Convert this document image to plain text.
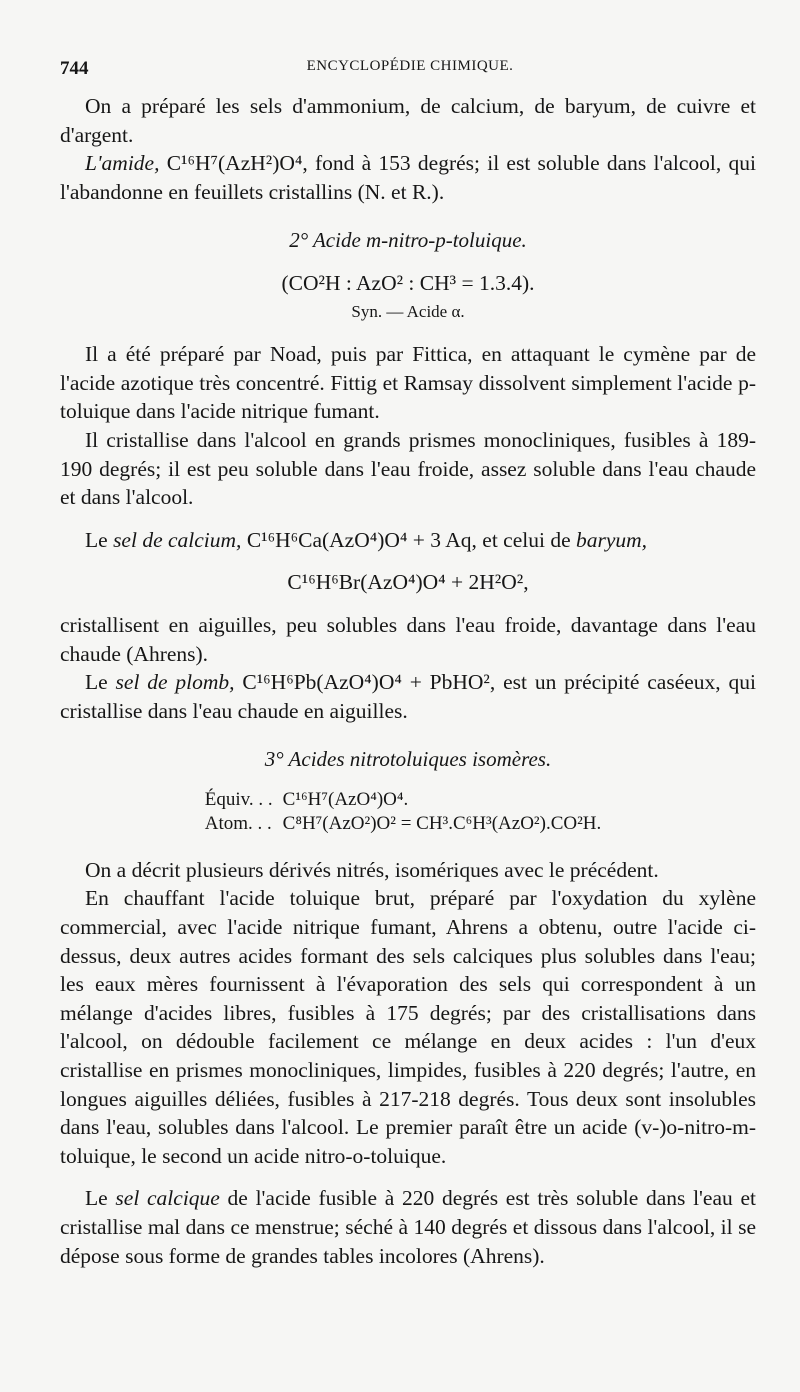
744	ENCYCLOPÉDIE CHIMIQUE.

On a préparé les sels d'ammonium, de calcium, de baryum, de cuivre et d'argent.

L'amide, C¹⁶H⁷(AzH²)O⁴, fond à 153 degrés; il est soluble dans l'alcool, qui l'abandonne en feuillets cristallins (N. et R.).

2° Acide m-nitro-p-toluique.

(CO²H : AzO² : CH³ = 1.3.4).

Syn. — Acide α.

Il a été préparé par Noad, puis par Fittica, en attaquant le cymène par de l'acide azotique très concentré. Fittig et Ramsay dissolvent simplement l'acide p-toluique dans l'acide nitrique fumant.

Il cristallise dans l'alcool en grands prismes monocliniques, fusibles à 189-190 degrés; il est peu soluble dans l'eau froide, assez soluble dans l'eau chaude et dans l'alcool.

Le sel de calcium, C¹⁶H⁶Ca(AzO⁴)O⁴ + 3 Aq, et celui de baryum,

C¹⁶H⁶Br(AzO⁴)O⁴ + 2H²O²,

cristallisent en aiguilles, peu solubles dans l'eau froide, davantage dans l'eau chaude (Ahrens).

Le sel de plomb, C¹⁶H⁶Pb(AzO⁴)O⁴ + PbHO², est un précipité caséeux, qui cristallise dans l'eau chaude en aiguilles.

3° Acides nitrotoluiques isomères.

Équiv. . .	C¹⁶H⁷(AzO⁴)O⁴.
Atom. . .	C⁸H⁷(AzO²)O² = CH³.C⁶H³(AzO²).CO²H.

On a décrit plusieurs dérivés nitrés, isomériques avec le précédent.

En chauffant l'acide toluique brut, préparé par l'oxydation du xylène commercial, avec l'acide nitrique fumant, Ahrens a obtenu, outre l'acide ci-dessus, deux autres acides formant des sels calciques plus solubles dans l'eau; les eaux mères fournissent à l'évaporation des sels qui correspondent à un mélange d'acides libres, fusibles à 175 degrés; par des cristallisations dans l'alcool, on dédouble facilement ce mélange en deux acides : l'un d'eux cristallise en prismes monocliniques, limpides, fusibles à 220 degrés; l'autre, en longues aiguilles déliées, fusibles à 217-218 degrés. Tous deux sont insolubles dans l'eau, solubles dans l'alcool. Le premier paraît être un acide (v-)o-nitro-m-toluique, le second un acide nitro-o-toluique.

Le sel calcique de l'acide fusible à 220 degrés est très soluble dans l'eau et cristallise mal dans ce menstrue; séché à 140 degrés et dissous dans l'alcool, il se dépose sous forme de grandes tables incolores (Ahrens).
